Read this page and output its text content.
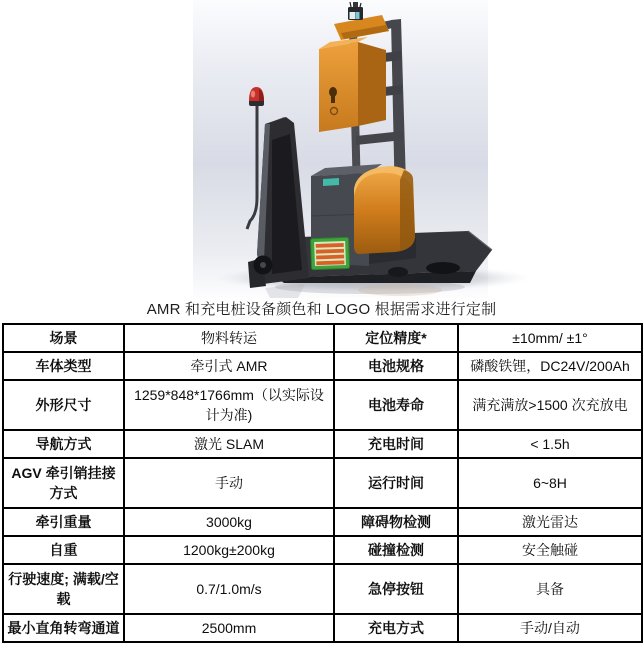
AMR 和充电桩设备颜色和 LOGO 根据需求进行定制
场景	物料转运	定位精度*	±10mm/ ±1°
车体类型	牵引式 AMR	电池规格	磷酸铁锂，DC24V/200Ah
外形尺寸	1259*848*1766mm（以实际设计为准)	电池寿命	满充满放>1500 次充放电
导航方式	激光 SLAM	充电时间	< 1.5h
AGV 牵引销挂接方式	手动	运行时间	6~8H
牵引重量	3000kg	障碍物检测	激光雷达
自重	1200kg±200kg	碰撞检测	安全触碰
行驶速度; 满载/空载	0.7/1.0m/s	急停按钮	具备
最小直角转弯通道	2500mm	充电方式	手动/自动
